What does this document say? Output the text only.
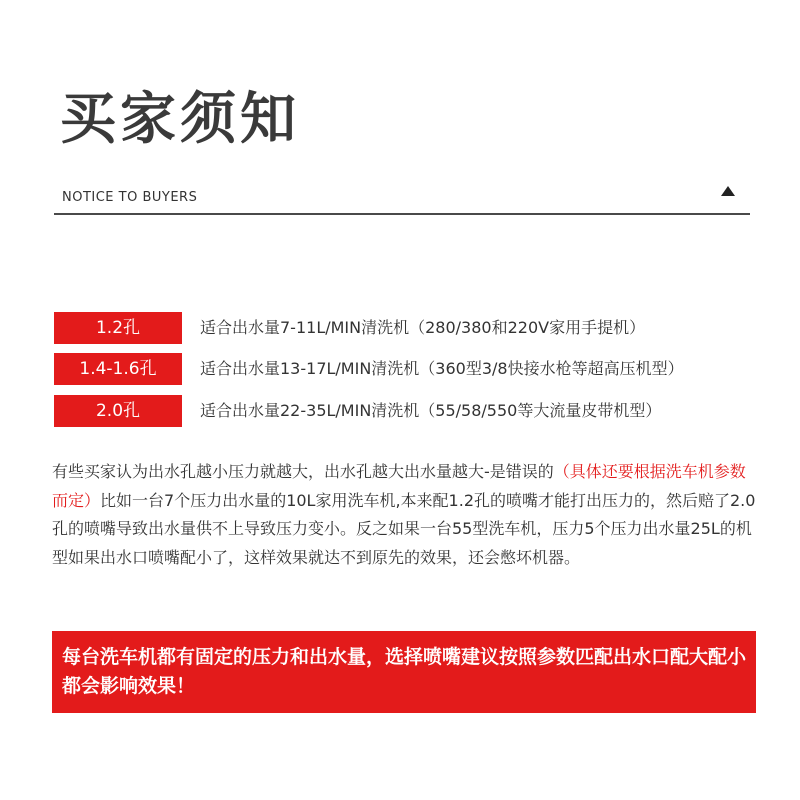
买家须知
NOTICE TO BUYERS
1.2孔	适合出水量7-11L/MIN清洗机（280/380和220V家用手提机）
1.4-1.6孔	适合出水量13-17L/MIN清洗机（360型3/8快接水枪等超高压机型）
2.0孔	适合出水量22-35L/MIN清洗机（55/58/550等大流量皮带机型）

有些买家认为出水孔越小压力就越大，出水孔越大出水量越大-是错误的（具体还要根据洗车机参数而定）比如一台7个压力出水量的10L家用洗车机,本来配1.2孔的喷嘴才能打出压力的，然后赔了2.0孔的喷嘴导致出水量供不上导致压力变小。反之如果一台55型洗车机，压力5个压力出水量25L的机型如果出水口喷嘴配小了，这样效果就达不到原先的效果，还会憋坏机器。

每台洗车机都有固定的压力和出水量，选择喷嘴建议按照参数匹配出水口配大配小都会影响效果！
